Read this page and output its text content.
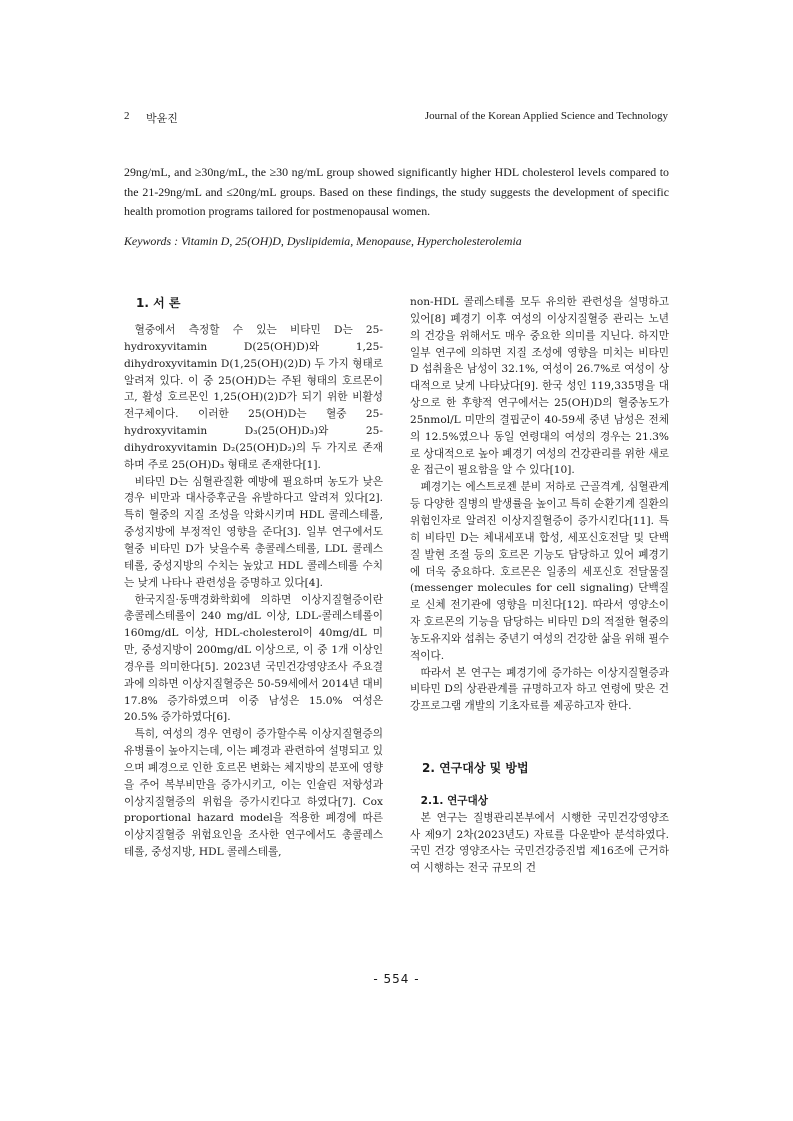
2 박윤진	Journal of the Korean Applied Science and Technology

29ng/mL, and ≥30ng/mL, the ≥30 ng/mL group showed significantly higher HDL cholesterol levels compared to the 21-29ng/mL and ≤20ng/mL groups. Based on these findings, the study suggests the development of specific health promotion programs tailored for postmenopausal women.

Keywords : Vitamin D, 25(OH)D, Dyslipidemia, Menopause, Hypercholesterolemia

1. 서 론

혈중에서 측정할 수 있는 비타민 D는 25-hydroxyvitamin D(25(OH)D)와 1,25-dihydroxyvitamin D(1,25(OH)(2)D) 두 가지 형태로 알려져 있다. 이 중 25(OH)D는 주된 형태의 호르몬이고, 활성 호르몬인 1,25(OH)(2)D가 되기 위한 비활성 전구체이다. 이러한 25(OH)D는 혈중 25-hydroxyvitamin D₃(25(OH)D₃)와 25-dihydroxyvitamin D₂(25(OH)D₂)의 두 가지로 존재하며 주로 25(OH)D₃ 형태로 존재한다[1].

비타민 D는 심혈관질환 예방에 필요하며 농도가 낮은 경우 비만과 대사증후군을 유발하다고 알려져 있다[2]. 특히 혈중의 지질 조성을 악화시키며 HDL 콜레스테롤, 중성지방에 부정적인 영향을 준다[3]. 일부 연구에서도 혈중 비타민 D가 낮을수록 총콜레스테롤, LDL 콜레스테롤, 중성지방의 수치는 높았고 HDL 콜레스테롤 수치는 낮게 나타나 관련성을 증명하고 있다[4].

한국지질·동맥경화학회에 의하면 이상지질혈증이란 총콜레스테롤이 240 mg/dL 이상, LDL-콜레스테롤이 160mg/dL 이상, HDL-cholesterol이 40mg/dL 미만, 중성지방이 200mg/dL 이상으로, 이 중 1개 이상인 경우를 의미한다[5]. 2023년 국민건강영양조사 주요결과에 의하면 이상지질혈증은 50-59세에서 2014년 대비 17.8% 증가하였으며 이중 남성은 15.0% 여성은 20.5% 증가하였다[6].

특히, 여성의 경우 연령이 증가할수록 이상지질혈증의 유병률이 높아지는데, 이는 폐경과 관련하여 설명되고 있으며 폐경으로 인한 호르몬 변화는 체지방의 분포에 영향을 주어 복부비만을 증가시키고, 이는 인슐린 저항성과 이상지질혈증의 위험을 증가시킨다고 하였다[7]. Cox proportional hazard model을 적용한 폐경에 따른 이상지질혈증 위험요인을 조사한 연구에서도 총콜레스테롤, 중성지방, HDL 콜레스테롤,

non-HDL 콜레스테롤 모두 유의한 관련성을 설명하고 있어[8] 폐경기 이후 여성의 이상지질혈증 관리는 노년의 건강을 위해서도 매우 중요한 의미를 지닌다. 하지만 일부 연구에 의하면 지질 조성에 영향을 미치는 비타민 D 섭취율은 남성이 32.1%, 여성이 26.7%로 여성이 상대적으로 낮게 나타났다[9]. 한국 성인 119,335명을 대상으로 한 후향적 연구에서는 25(OH)D의 혈중농도가 25nmol/L 미만의 결핍군이 40-59세 중년 남성은 전체의 12.5%였으나 동일 연령대의 여성의 경우는 21.3%로 상대적으로 높아 폐경기 여성의 건강관리를 위한 새로운 접근이 필요함을 알 수 있다[10].

폐경기는 에스트로젠 분비 저하로 근골격계, 심혈관계 등 다양한 질병의 발생률을 높이고 특히 순환기계 질환의 위험인자로 알려진 이상지질혈증이 증가시킨다[11]. 특히 비타민 D는 체내세포내 합성, 세포신호전달 및 단백질 발현 조절 등의 호르몬 기능도 담당하고 있어 폐경기에 더욱 중요하다. 호르몬은 일종의 세포신호 전달물질(messenger molecules for cell signaling) 단백질로 신체 전기관에 영향을 미친다[12]. 따라서 영양소이자 호르몬의 기능을 담당하는 비타민 D의 적절한 혈중의 농도유지와 섭취는 중년기 여성의 건강한 삶을 위해 필수적이다.

따라서 본 연구는 폐경기에 증가하는 이상지질혈증과 비타민 D의 상관관계를 규명하고자 하고 연령에 맞은 건강프로그램 개발의 기초자료를 제공하고자 한다.

2. 연구대상 및 방법

2.1. 연구대상

본 연구는 질병관리본부에서 시행한 국민건강영양조사 제9기 2차(2023년도) 자료를 다운받아 분석하였다. 국민 건강 영양조사는 국민건강증진법 제16조에 근거하여 시행하는 전국 규모의 건

- 554 -
